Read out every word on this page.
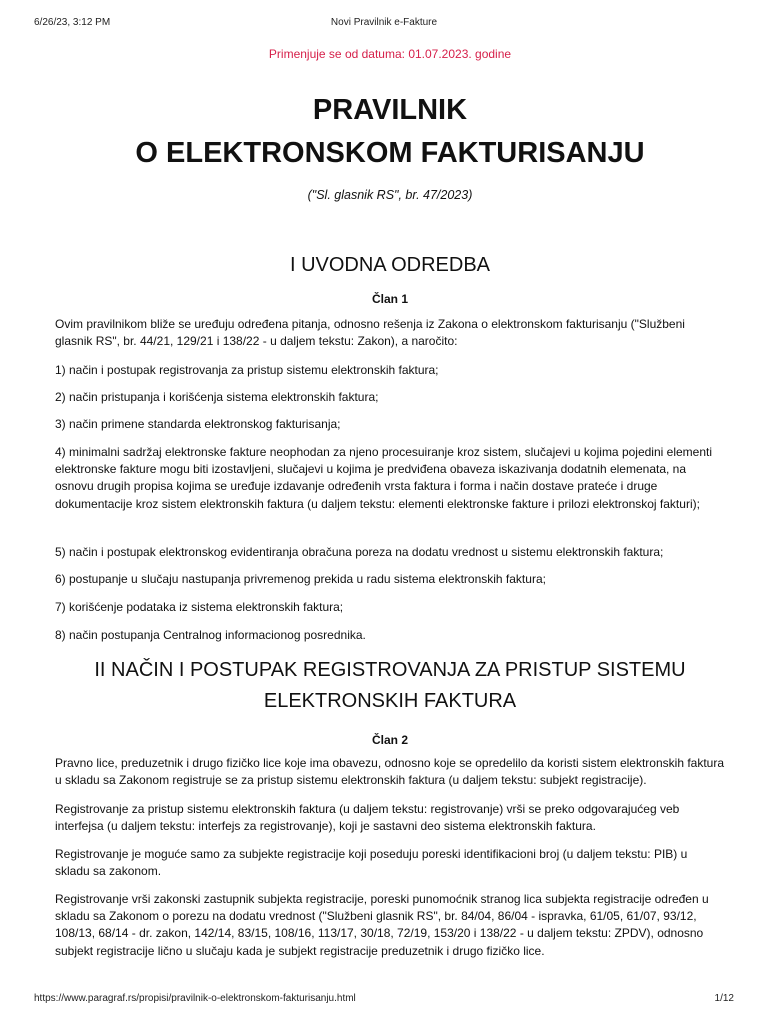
6/26/23, 3:12 PM	Novi Pravilnik e-Fakture
Primenjuje se od datuma: 01.07.2023. godine
PRAVILNIK
O ELEKTRONSKOM FAKTURISANJU
("Sl. glasnik RS", br. 47/2023)
I UVODNA ODREDBA
Član 1
Ovim pravilnikom bliže se uređuju određena pitanja, odnosno rešenja iz Zakona o elektronskom fakturisanju ("Službeni glasnik RS", br. 44/21, 129/21 i 138/22 - u daljem tekstu: Zakon), a naročito:
1) način i postupak registrovanja za pristup sistemu elektronskih faktura;
2) način pristupanja i korišćenja sistema elektronskih faktura;
3) način primene standarda elektronskog fakturisanja;
4) minimalni sadržaj elektronske fakture neophodan za njeno procesuiranje kroz sistem, slučajevi u kojima pojedini elementi elektronske fakture mogu biti izostavljeni, slučajevi u kojima je predviđena obaveza iskazivanja dodatnih elemenata, na osnovu drugih propisa kojima se uređuje izdavanje određenih vrsta faktura i forma i način dostave prateće i druge dokumentacije kroz sistem elektronskih faktura (u daljem tekstu: elementi elektronske fakture i prilozi elektronskoj fakturi);
5) način i postupak elektronskog evidentiranja obračuna poreza na dodatu vrednost u sistemu elektronskih faktura;
6) postupanje u slučaju nastupanja privremenog prekida u radu sistema elektronskih faktura;
7) korišćenje podataka iz sistema elektronskih faktura;
8) način postupanja Centralnog informacionog posrednika.
II NAČIN I POSTUPAK REGISTROVANJA ZA PRISTUP SISTEMU ELEKTRONSKIH FAKTURA
Član 2
Pravno lice, preduzetnik i drugo fizičko lice koje ima obavezu, odnosno koje se opredelilo da koristi sistem elektronskih faktura u skladu sa Zakonom registruje se za pristup sistemu elektronskih faktura (u daljem tekstu: subjekt registracije).
Registrovanje za pristup sistemu elektronskih faktura (u daljem tekstu: registrovanje) vrši se preko odgovarajućeg veb interfejsa (u daljem tekstu: interfejs za registrovanje), koji je sastavni deo sistema elektronskih faktura.
Registrovanje je moguće samo za subjekte registracije koji poseduju poreski identifikacioni broj (u daljem tekstu: PIB) u skladu sa zakonom.
Registrovanje vrši zakonski zastupnik subjekta registracije, poreski punomoćnik stranog lica subjekta registracije određen u skladu sa Zakonom o porezu na dodatu vrednost ("Službeni glasnik RS", br. 84/04, 86/04 - ispravka, 61/05, 61/07, 93/12, 108/13, 68/14 - dr. zakon, 142/14, 83/15, 108/16, 113/17, 30/18, 72/19, 153/20 i 138/22 - u daljem tekstu: ZPDV), odnosno subjekt registracije lično u slučaju kada je subjekt registracije preduzetnik i drugo fizičko lice.
https://www.paragraf.rs/propisi/pravilnik-o-elektronskom-fakturisanju.html	1/12
